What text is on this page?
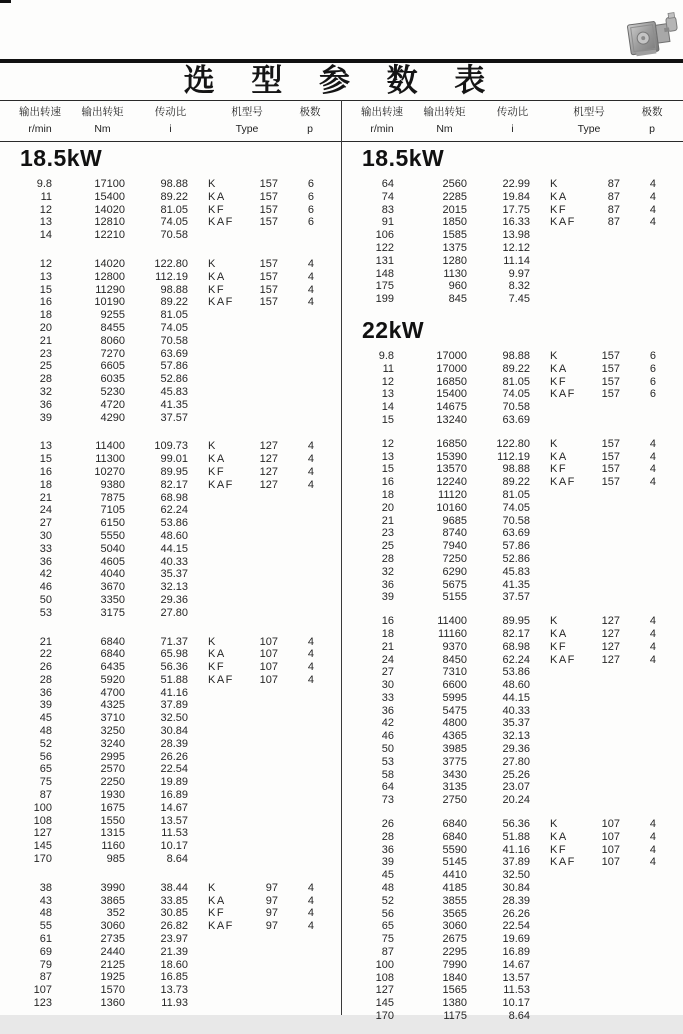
选 型 参 数 表
输出转速
r/min
输出转矩
Nm
传动比
i
机型号
Type
极数
p
输出转速
r/min
输出转矩
Nm
传动比
i
机型号
Type
极数
p
18.5kW
9.8	17100	98.88	K	157	6
11	15400	89.22	KA	157	6
12	14020	81.05	KF	157	6
13	12810	74.05	KAF	157	6
14	12210	70.58
12	14020	122.80	K	157	4
13	12800	112.19	KA	157	4
15	11290	98.88	KF	157	4
16	10190	89.22	KAF	157	4
18	9255	81.05
20	8455	74.05
21	8060	70.58
23	7270	63.69
25	6605	57.86
28	6035	52.86
32	5230	45.83
36	4720	41.35
39	4290	37.57
13	11400	109.73	K	127	4
15	11300	99.01	KA	127	4
16	10270	89.95	KF	127	4
18	9380	82.17	KAF	127	4
21	7875	68.98
24	7105	62.24
27	6150	53.86
30	5550	48.60
33	5040	44.15
36	4605	40.33
42	4040	35.37
46	3670	32.13
50	3350	29.36
53	3175	27.80
21	6840	71.37	K	107	4
22	6840	65.98	KA	107	4
26	6435	56.36	KF	107	4
28	5920	51.88	KAF	107	4
36	4700	41.16
39	4325	37.89
45	3710	32.50
48	3250	30.84
52	3240	28.39
56	2995	26.26
65	2570	22.54
75	2250	19.89
87	1930	16.89
100	1675	14.67
108	1550	13.57
127	1315	11.53
145	1160	10.17
170	985	8.64
38	3990	38.44	K	97	4
43	3865	33.85	KA	97	4
48	352	30.85	KF	97	4
55	3060	26.82	KAF	97	4
61	2735	23.97
69	2440	21.39
79	2125	18.60
87	1925	16.85
107	1570	13.73
123	1360	11.93
18.5kW
64	2560	22.99	K	87	4
74	2285	19.84	KA	87	4
83	2015	17.75	KF	87	4
91	1850	16.33	KAF	87	4
106	1585	13.98
122	1375	12.12
131	1280	11.14
148	1130	9.97
175	960	8.32
199	845	7.45
22kW
9.8	17000	98.88	K	157	6
11	17000	89.22	KA	157	6
12	16850	81.05	KF	157	6
13	15400	74.05	KAF	157	6
14	14675	70.58
15	13240	63.69
12	16850	122.80	K	157	4
13	15390	112.19	KA	157	4
15	13570	98.88	KF	157	4
16	12240	89.22	KAF	157	4
18	11120	81.05
20	10160	74.05
21	9685	70.58
23	8740	63.69
25	7940	57.86
28	7250	52.86
32	6290	45.83
36	5675	41.35
39	5155	37.57
16	11400	89.95	K	127	4
18	11160	82.17	KA	127	4
21	9370	68.98	KF	127	4
24	8450	62.24	KAF	127	4
27	7310	53.86
30	6600	48.60
33	5995	44.15
36	5475	40.33
42	4800	35.37
46	4365	32.13
50	3985	29.36
53	3775	27.80
58	3430	25.26
64	3135	23.07
73	2750	20.24
26	6840	56.36	K	107	4
28	6840	51.88	KA	107	4
36	5590	41.16	KF	107	4
39	5145	37.89	KAF	107	4
45	4410	32.50
48	4185	30.84
52	3855	28.39
56	3565	26.26
65	3060	22.54
75	2675	19.69
87	2295	16.89
100	7990	14.67
108	1840	13.57
127	1565	11.53
145	1380	10.17
170	1175	8.64
